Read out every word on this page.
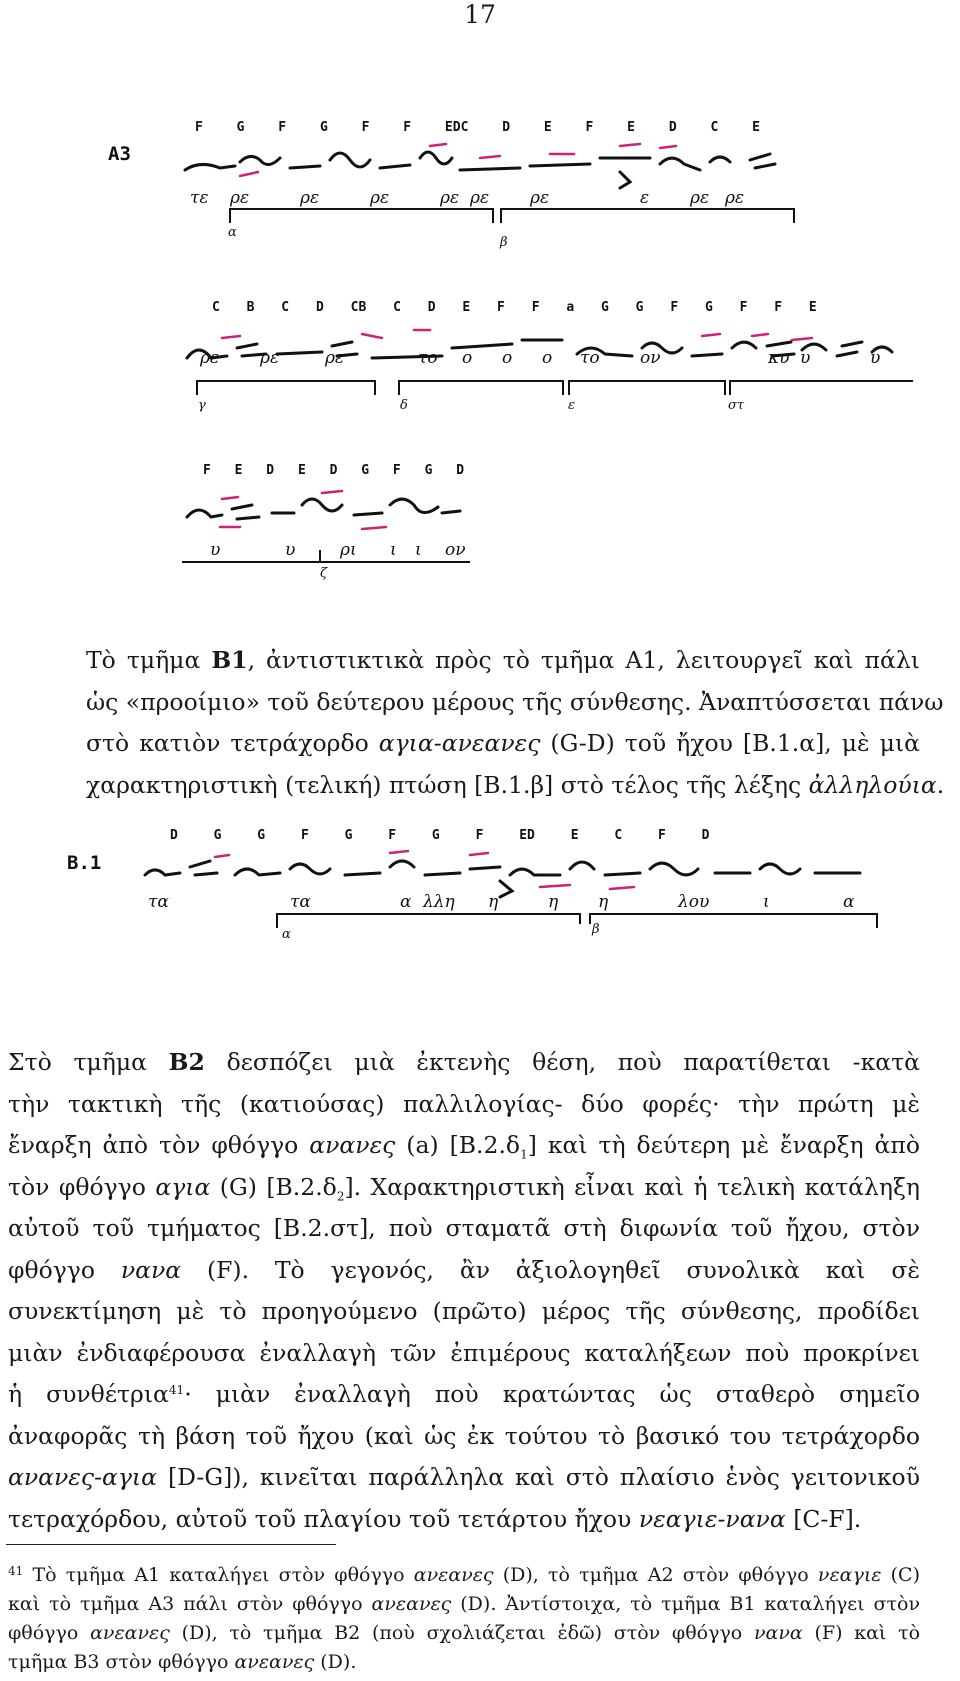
17
A3
F G F G F F EDC D E F E D C E
τε ρε	ρε	ρε	ρε ρε ρε	ε ρε ρε
α
β
C B C D CB C D E F F a G G F G F F E
ρε ρε	ρε	το ο ο ο το ον	κυ υ	υ
γ	δ	ε	στ
F E D E D G F G D
υ	υ	ρι ι ι ον
ζ
Τὸ τμῆμα B1, ἀντιστικτικὰ πρὸς τὸ τμῆμα Α1, λειτουργεῖ καὶ πάλι
ὡς «προοίμιο» τοῦ δεύτερου μέρους τῆς σύνθεσης. Ἀναπτύσσεται πάνω
στὸ κατιὸν τετράχορδο αγια-ανεανες (G-D) τοῦ ἤχου [Β.1.α], μὲ μιὰ
χαρακτηριστικὴ (τελική) πτώση [Β.1.β] στὸ τέλος τῆς λέξης ἀλληλούια.
B.1
D G G F G F G F ED E C F D
τα	τα	α λλη η	η η	λου	ι	α
α	β
Στὸ τμῆμα B2 δεσπόζει μιὰ ἐκτενὴς θέση, ποὺ παρατίθεται -κατὰ
τὴν τακτικὴ τῆς (κατιούσας) παλλιλογίας- δύο φορές· τὴν πρώτη μὲ
ἔναρξη ἀπὸ τὸν φθόγγο ανανες (a) $[B.2.\delta_1]$ καὶ τὴ δεύτερη μὲ ἔναρξη ἀπὸ
τὸν φθόγγο αγια (G) $[B.2.\delta_2]$. Χαρακτηριστικὴ εἶναι καὶ ἡ τελικὴ κατάληξη
αὐτοῦ τοῦ τμήματος [Β.2.στ], ποὺ σταματᾶ στὴ διφωνία τοῦ ἤχου, στὸν
φθόγγο νανα (F). Τὸ γεγονός, ἂν ἀξιολογηθεῖ συνολικὰ καὶ σὲ
συνεκτίμηση μὲ τὸ προηγούμενο (πρῶτο) μέρος τῆς σύνθεσης, προδίδει
μιὰν ἐνδιαφέρουσα ἐναλλαγὴ τῶν ἐπιμέρους καταλήξεων ποὺ προκρίνει
ἡ συνθέτρια$^{41}$· μιὰν ἐναλλαγὴ ποὺ κρατώντας ὡς σταθερὸ σημεῖο
ἀναφορᾶς τὴ βάση τοῦ ἤχου (καὶ ὡς ἐκ τούτου τὸ βασικό του τετράχορδο
ανανες-αγια [D-G]), κινεῖται παράλληλα καὶ στὸ πλαίσιο ἑνὸς γειτονικοῦ
τετραχόρδου, αὐτοῦ τοῦ πλαγίου τοῦ τετάρτου ἤχου νεαγιε-νανα [C-F].
$^{41}$ Τὸ τμῆμα Α1 καταλήγει στὸν φθόγγο ανεανες (D), τὸ τμῆμα Α2 στὸν φθόγγο νεαγιε (C)
καὶ τὸ τμῆμα Α3 πάλι στὸν φθόγγο ανεανες (D). Ἀντίστοιχα, τὸ τμῆμα Β1 καταλήγει στὸν
φθόγγο ανεανες (D), τὸ τμῆμα Β2 (ποὺ σχολιάζεται ἐδῶ) στὸν φθόγγο νανα (F) καὶ τὸ
τμῆμα Β3 στὸν φθόγγο ανεανες (D).
